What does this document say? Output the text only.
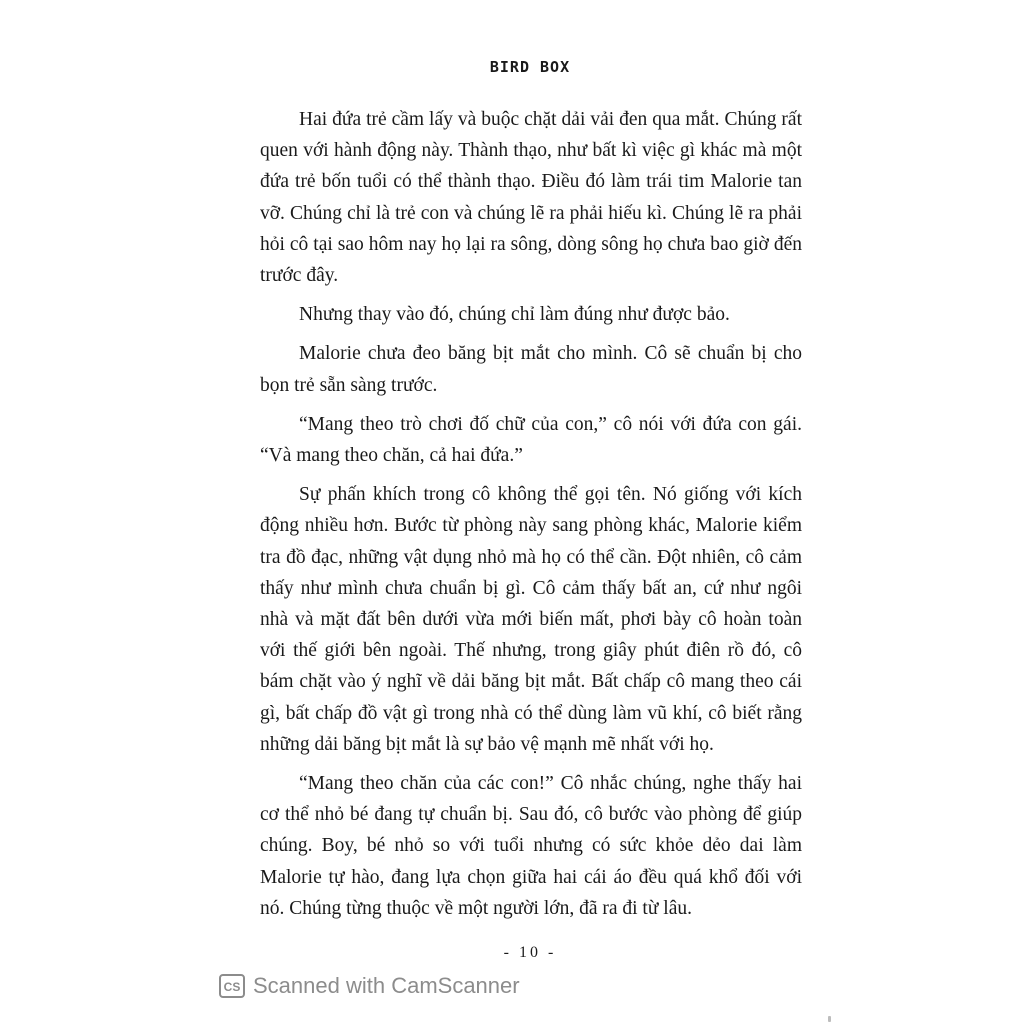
BIRD BOX

Hai đứa trẻ cầm lấy và buộc chặt dải vải đen qua mắt. Chúng rất quen với hành động này. Thành thạo, như bất kì việc gì khác mà một đứa trẻ bốn tuổi có thể thành thạo. Điều đó làm trái tim Malorie tan vỡ. Chúng chỉ là trẻ con và chúng lẽ ra phải hiếu kì. Chúng lẽ ra phải hỏi cô tại sao hôm nay họ lại ra sông, dòng sông họ chưa bao giờ đến trước đây.

Nhưng thay vào đó, chúng chỉ làm đúng như được bảo.

Malorie chưa đeo băng bịt mắt cho mình. Cô sẽ chuẩn bị cho bọn trẻ sẵn sàng trước.

“Mang theo trò chơi đố chữ của con,” cô nói với đứa con gái. “Và mang theo chăn, cả hai đứa.”

Sự phấn khích trong cô không thể gọi tên. Nó giống với kích động nhiều hơn. Bước từ phòng này sang phòng khác, Malorie kiểm tra đồ đạc, những vật dụng nhỏ mà họ có thể cần. Đột nhiên, cô cảm thấy như mình chưa chuẩn bị gì. Cô cảm thấy bất an, cứ như ngôi nhà và mặt đất bên dưới vừa mới biến mất, phơi bày cô hoàn toàn với thế giới bên ngoài. Thế nhưng, trong giây phút điên rồ đó, cô bám chặt vào ý nghĩ về dải băng bịt mắt. Bất chấp cô mang theo cái gì, bất chấp đồ vật gì trong nhà có thể dùng làm vũ khí, cô biết rằng những dải băng bịt mắt là sự bảo vệ mạnh mẽ nhất với họ.

“Mang theo chăn của các con!” Cô nhắc chúng, nghe thấy hai cơ thể nhỏ bé đang tự chuẩn bị. Sau đó, cô bước vào phòng để giúp chúng. Boy, bé nhỏ so với tuổi nhưng có sức khỏe dẻo dai làm Malorie tự hào, đang lựa chọn giữa hai cái áo đều quá khổ đối với nó. Chúng từng thuộc về một người lớn, đã ra đi từ lâu.

- 10 -
CS Scanned with CamScanner
